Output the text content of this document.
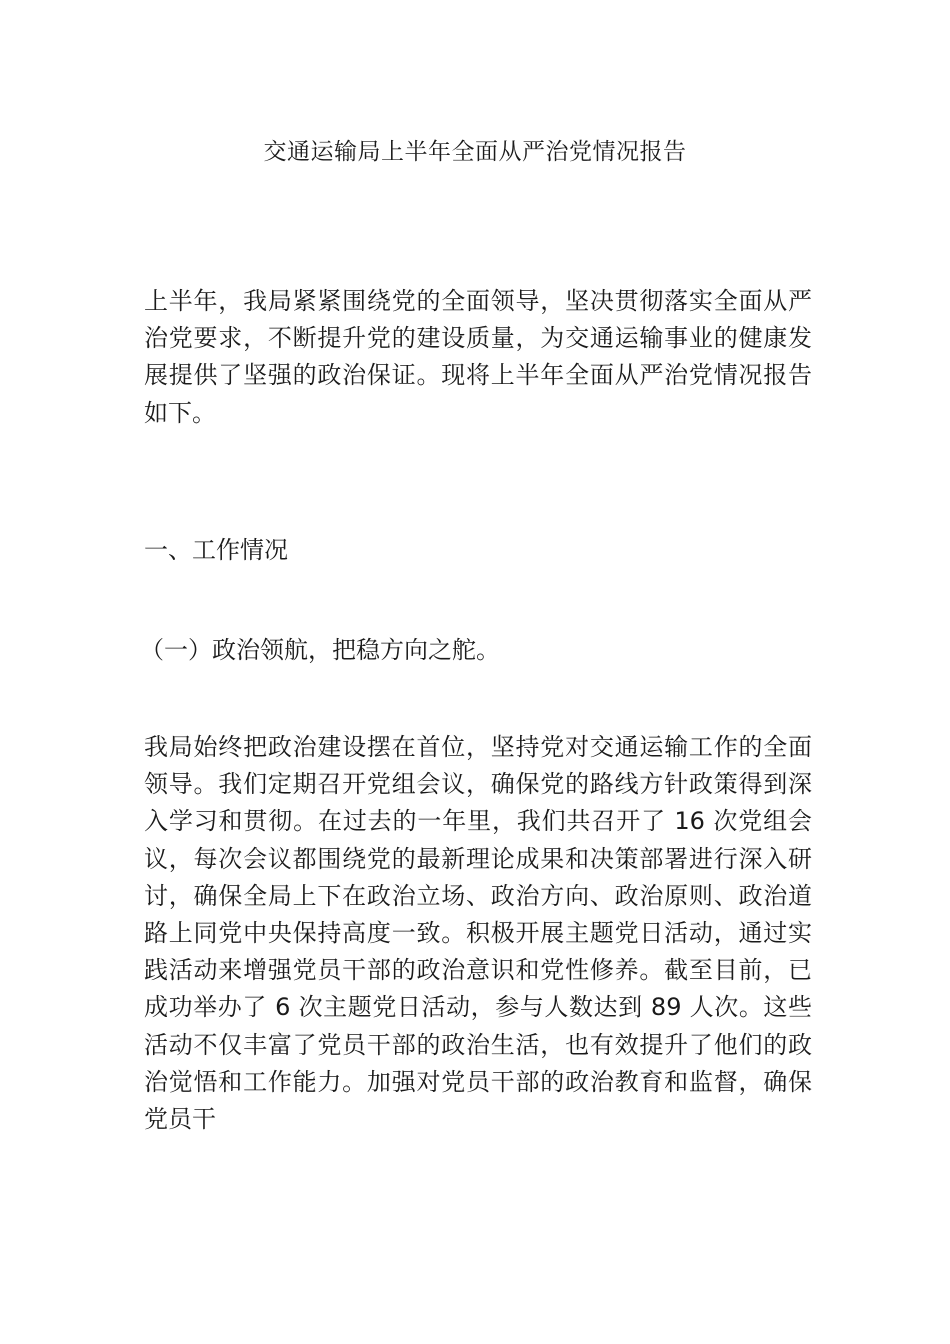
交通运输局上半年全面从严治党情况报告

上半年，我局紧紧围绕党的全面领导，坚决贯彻落实全面从严治党要求，不断提升党的建设质量，为交通运输事业的健康发展提供了坚强的政治保证。现将上半年全面从严治党情况报告如下。

一、工作情况
（一）政治领航，把稳方向之舵。

我局始终把政治建设摆在首位，坚持党对交通运输工作的全面领导。我们定期召开党组会议，确保党的路线方针政策得到深入学习和贯彻。在过去的一年里，我们共召开了 16 次党组会议，每次会议都围绕党的最新理论成果和决策部署进行深入研讨，确保全局上下在政治立场、政治方向、政治原则、政治道路上同党中央保持高度一致。积极开展主题党日活动，通过实践活动来增强党员干部的政治意识和党性修养。截至目前，已成功举办了 6 次主题党日活动，参与人数达到 89 人次。这些活动不仅丰富了党员干部的政治生活，也有效提升了他们的政治觉悟和工作能力。加强对党员干部的政治教育和监督，确保党员干
